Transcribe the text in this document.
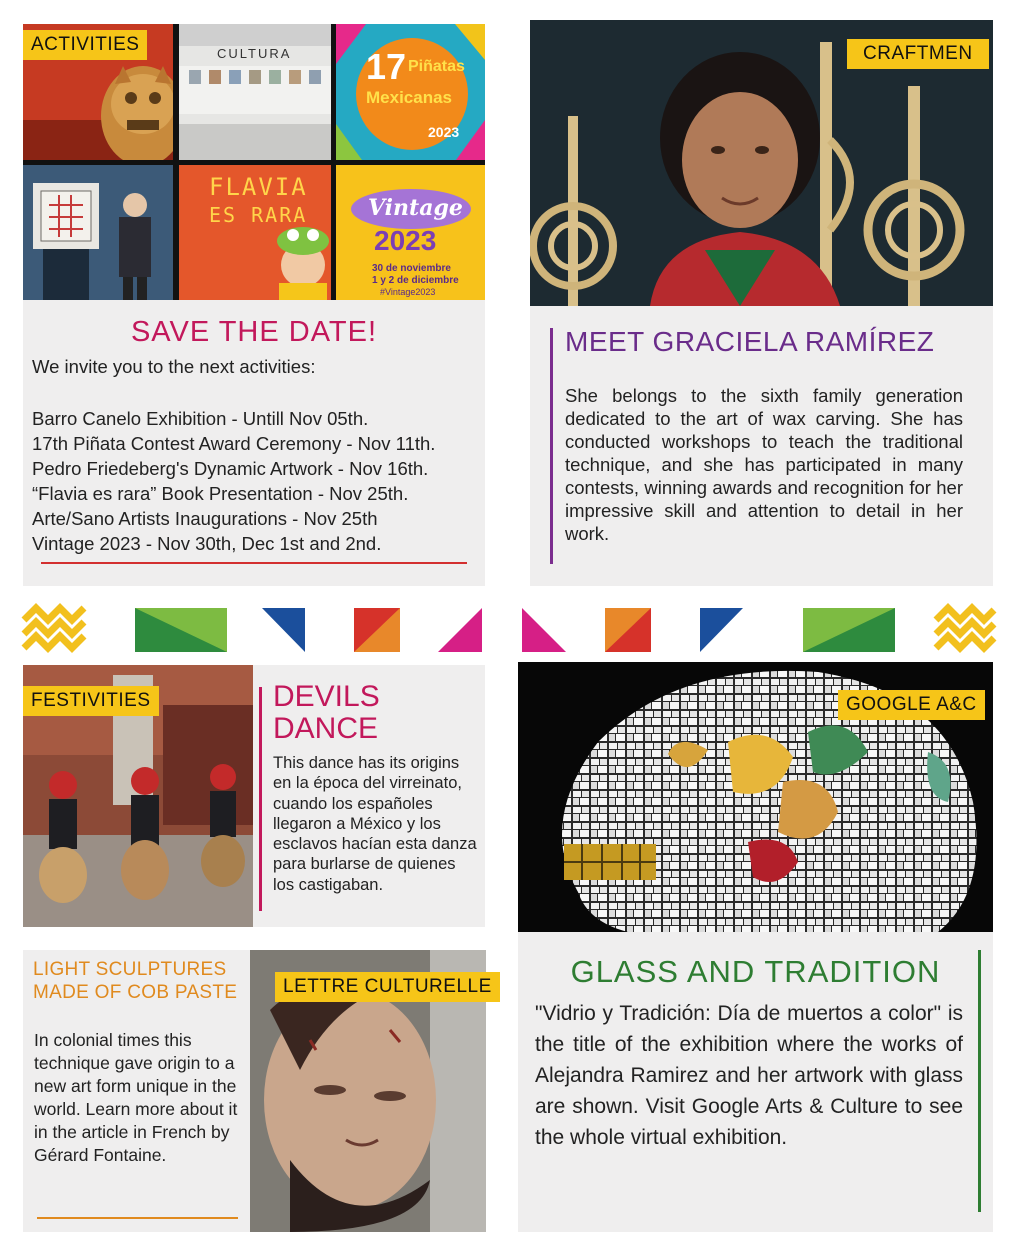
CULTURA 17 Piñatas
Mexicanas
2023
FLAVIA
ES RARA	Vintage
2023
30 de noviembre
1 y 2 de diciembre
#Vintage2023
ACTIVITIES
SAVE THE DATE!
We invite you to the next activities:
Barro Canelo Exhibition - Untill Nov 05th.
17th Piñata Contest Award Ceremony - Nov 11th.
Pedro Friedeberg's Dynamic Artwork - Nov 16th.
“Flavia es rara” Book Presentation - Nov 25th.
Arte/Sano Artists Inaugurations - Nov 25th
Vintage 2023 - Nov 30th, Dec 1st and 2nd.
CRAFTMEN
MEET GRACIELA RAMÍREZ
She belongs to the sixth family generation dedicated to the art of wax carving. She has conducted workshops to teach the traditional technique, and she has participated in many contests, winning awards and recognition for her impressive skill and attention to detail in her work.
FESTIVITIES	DEVILS
DANCE
This dance has its origins en la época del virreinato, cuando los españoles llegaron a México y los esclavos hacían esta danza para burlarse de quienes los castigaban.
LIGHT SCULPTURES
MADE OF COB PASTE
In colonial times this technique gave origin to a new art form unique in the world. Learn more about it in the article in French by Gérard Fontaine.
LETTRE CULTURELLE
GOOGLE A&C
GLASS AND TRADITION
"Vidrio y Tradición: Día de muertos a color" is the title of the exhibition where the works of Alejandra Ramirez and her artwork with glass are shown. Visit Google Arts & Culture to see the whole virtual exhibition.
